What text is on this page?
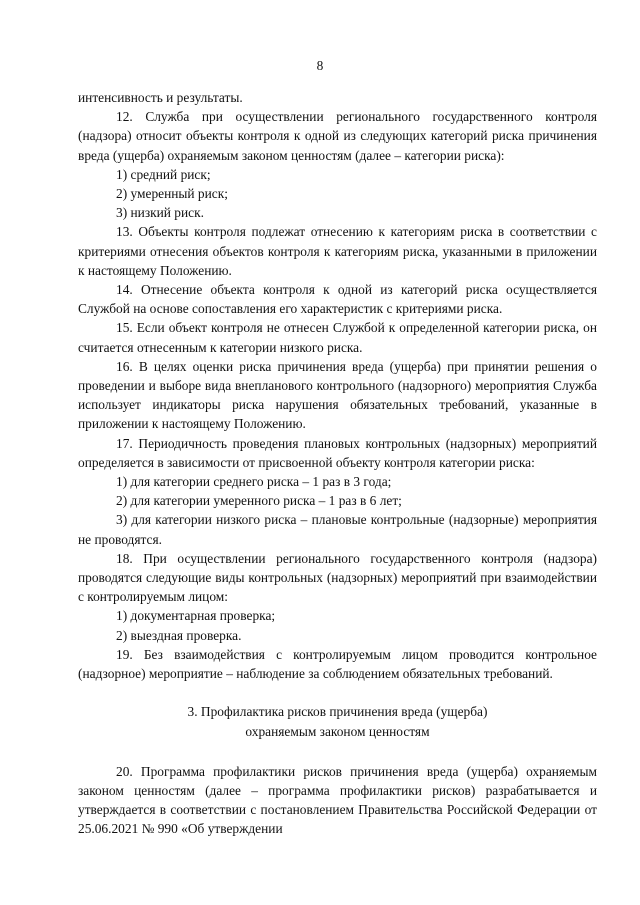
8

интенсивность и результаты.

12. Служба при осуществлении регионального государственного контроля (надзора) относит объекты контроля к одной из следующих категорий риска причинения вреда (ущерба) охраняемым законом ценностям (далее – категории риска):

1) средний риск;

2) умеренный риск;

3) низкий риск.

13. Объекты контроля подлежат отнесению к категориям риска в соответствии с критериями отнесения объектов контроля к категориям риска, указанными в приложении к настоящему Положению.

14. Отнесение объекта контроля к одной из категорий риска осуществляется Службой на основе сопоставления его характеристик с критериями риска.

15. Если объект контроля не отнесен Службой к определенной категории риска, он считается отнесенным к категории низкого риска.

16. В целях оценки риска причинения вреда (ущерба) при принятии решения о проведении и выборе вида внепланового контрольного (надзорного) мероприятия Служба использует индикаторы риска нарушения обязательных требований, указанные в приложении к настоящему Положению.

17. Периодичность проведения плановых контрольных (надзорных) мероприятий определяется в зависимости от присвоенной объекту контроля категории риска:

1) для категории среднего риска – 1 раз в 3 года;

2) для категории умеренного риска – 1 раз в 6 лет;

3) для категории низкого риска – плановые контрольные (надзорные) мероприятия не проводятся.

18. При осуществлении регионального государственного контроля (надзора) проводятся следующие виды контрольных (надзорных) мероприятий при взаимодействии с контролируемым лицом:

1) документарная проверка;

2) выездная проверка.

19. Без взаимодействия с контролируемым лицом проводится контрольное (надзорное) мероприятие – наблюдение за соблюдением обязательных требований.

3. Профилактика рисков причинения вреда (ущерба)
охраняемым законом ценностям

20. Программа профилактики рисков причинения вреда (ущерба) охраняемым законом ценностям (далее – программа профилактики рисков) разрабатывается и утверждается в соответствии с постановлением Правительства Российской Федерации от 25.06.2021 № 990 «Об утверждении
